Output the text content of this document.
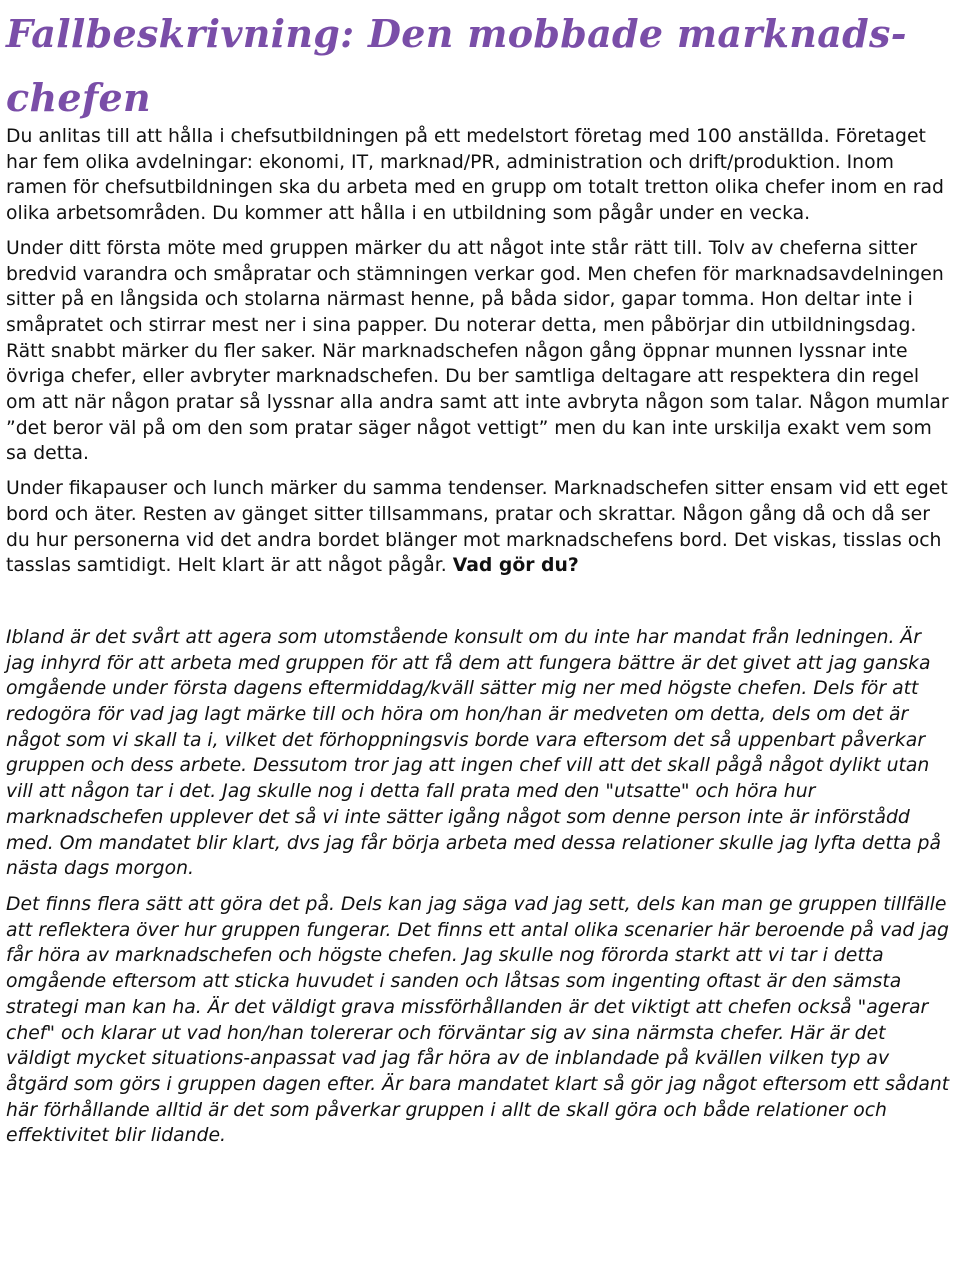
Fallbeskrivning: Den mobbade marknads-chefen

Du anlitas till att hålla i chefsutbildningen på ett medelstort företag med 100 anställda. Företaget har fem olika avdelningar: ekonomi, IT, marknad/PR, administration och drift/produktion. Inom ramen för chefsutbildningen ska du arbeta med en grupp om totalt tretton olika chefer inom en rad olika arbetsområden. Du kommer att hålla i en utbildning som pågår under en vecka.

Under ditt första möte med gruppen märker du att något inte står rätt till. Tolv av cheferna sitter bredvid varandra och småpratar och stämningen verkar god. Men chefen för marknadsavdelningen sitter på en långsida och stolarna närmast henne, på båda sidor, gapar tomma. Hon deltar inte i småpratet och stirrar mest ner i sina papper. Du noterar detta, men påbörjar din utbildningsdag. Rätt snabbt märker du fler saker. När marknadschefen någon gång öppnar munnen lyssnar inte övriga chefer, eller avbryter marknadschefen. Du ber samtliga deltagare att respektera din regel om att när någon pratar så lyssnar alla andra samt att inte avbryta någon som talar. Någon mumlar ”det beror väl på om den som pratar säger något vettigt” men du kan inte urskilja exakt vem som sa detta.

Under fikapauser och lunch märker du samma tendenser. Marknadschefen sitter ensam vid ett eget bord och äter. Resten av gänget sitter tillsammans, pratar och skrattar. Någon gång då och då ser du hur personerna vid det andra bordet blänger mot marknadschefens bord. Det viskas, tisslas och tasslas samtidigt. Helt klart är att något pågår. Vad gör du?

Ibland är det svårt att agera som utomstående konsult om du inte har mandat från ledningen. Är jag inhyrd för att arbeta med gruppen för att få dem att fungera bättre är det givet att jag ganska omgående under första dagens eftermiddag/kväll sätter mig ner med högste chefen. Dels för att redogöra för vad jag lagt märke till och höra om hon/han är medveten om detta, dels om det är något som vi skall ta i, vilket det förhoppningsvis borde vara eftersom det så uppenbart påverkar gruppen och dess arbete. Dessutom tror jag att ingen chef vill att det skall pågå något dylikt utan vill att någon tar i det. Jag skulle nog i detta fall prata med den "utsatte" och höra hur marknadschefen upplever det så vi inte sätter igång något som denne person inte är införstådd med. Om mandatet blir klart, dvs jag får börja arbeta med dessa relationer skulle jag lyfta detta på nästa dags morgon.

Det finns flera sätt att göra det på. Dels kan jag säga vad jag sett, dels kan man ge gruppen tillfälle att reflektera över hur gruppen fungerar. Det finns ett antal olika scenarier här beroende på vad jag får höra av marknadschefen och högste chefen. Jag skulle nog förorda starkt att vi tar i detta omgående eftersom att sticka huvudet i sanden och låtsas som ingenting oftast är den sämsta strategi man kan ha. Är det väldigt grava missförhållanden är det viktigt att chefen också "agerar chef" och klarar ut vad hon/han tolererar och förväntar sig av sina närmsta chefer. Här är det väldigt mycket situations-anpassat vad jag får höra av de inblandade på kvällen vilken typ av åtgärd som görs i gruppen dagen efter. Är bara mandatet klart så gör jag något eftersom ett sådant här förhållande alltid är det som påverkar gruppen i allt de skall göra och både relationer och effektivitet blir lidande.
